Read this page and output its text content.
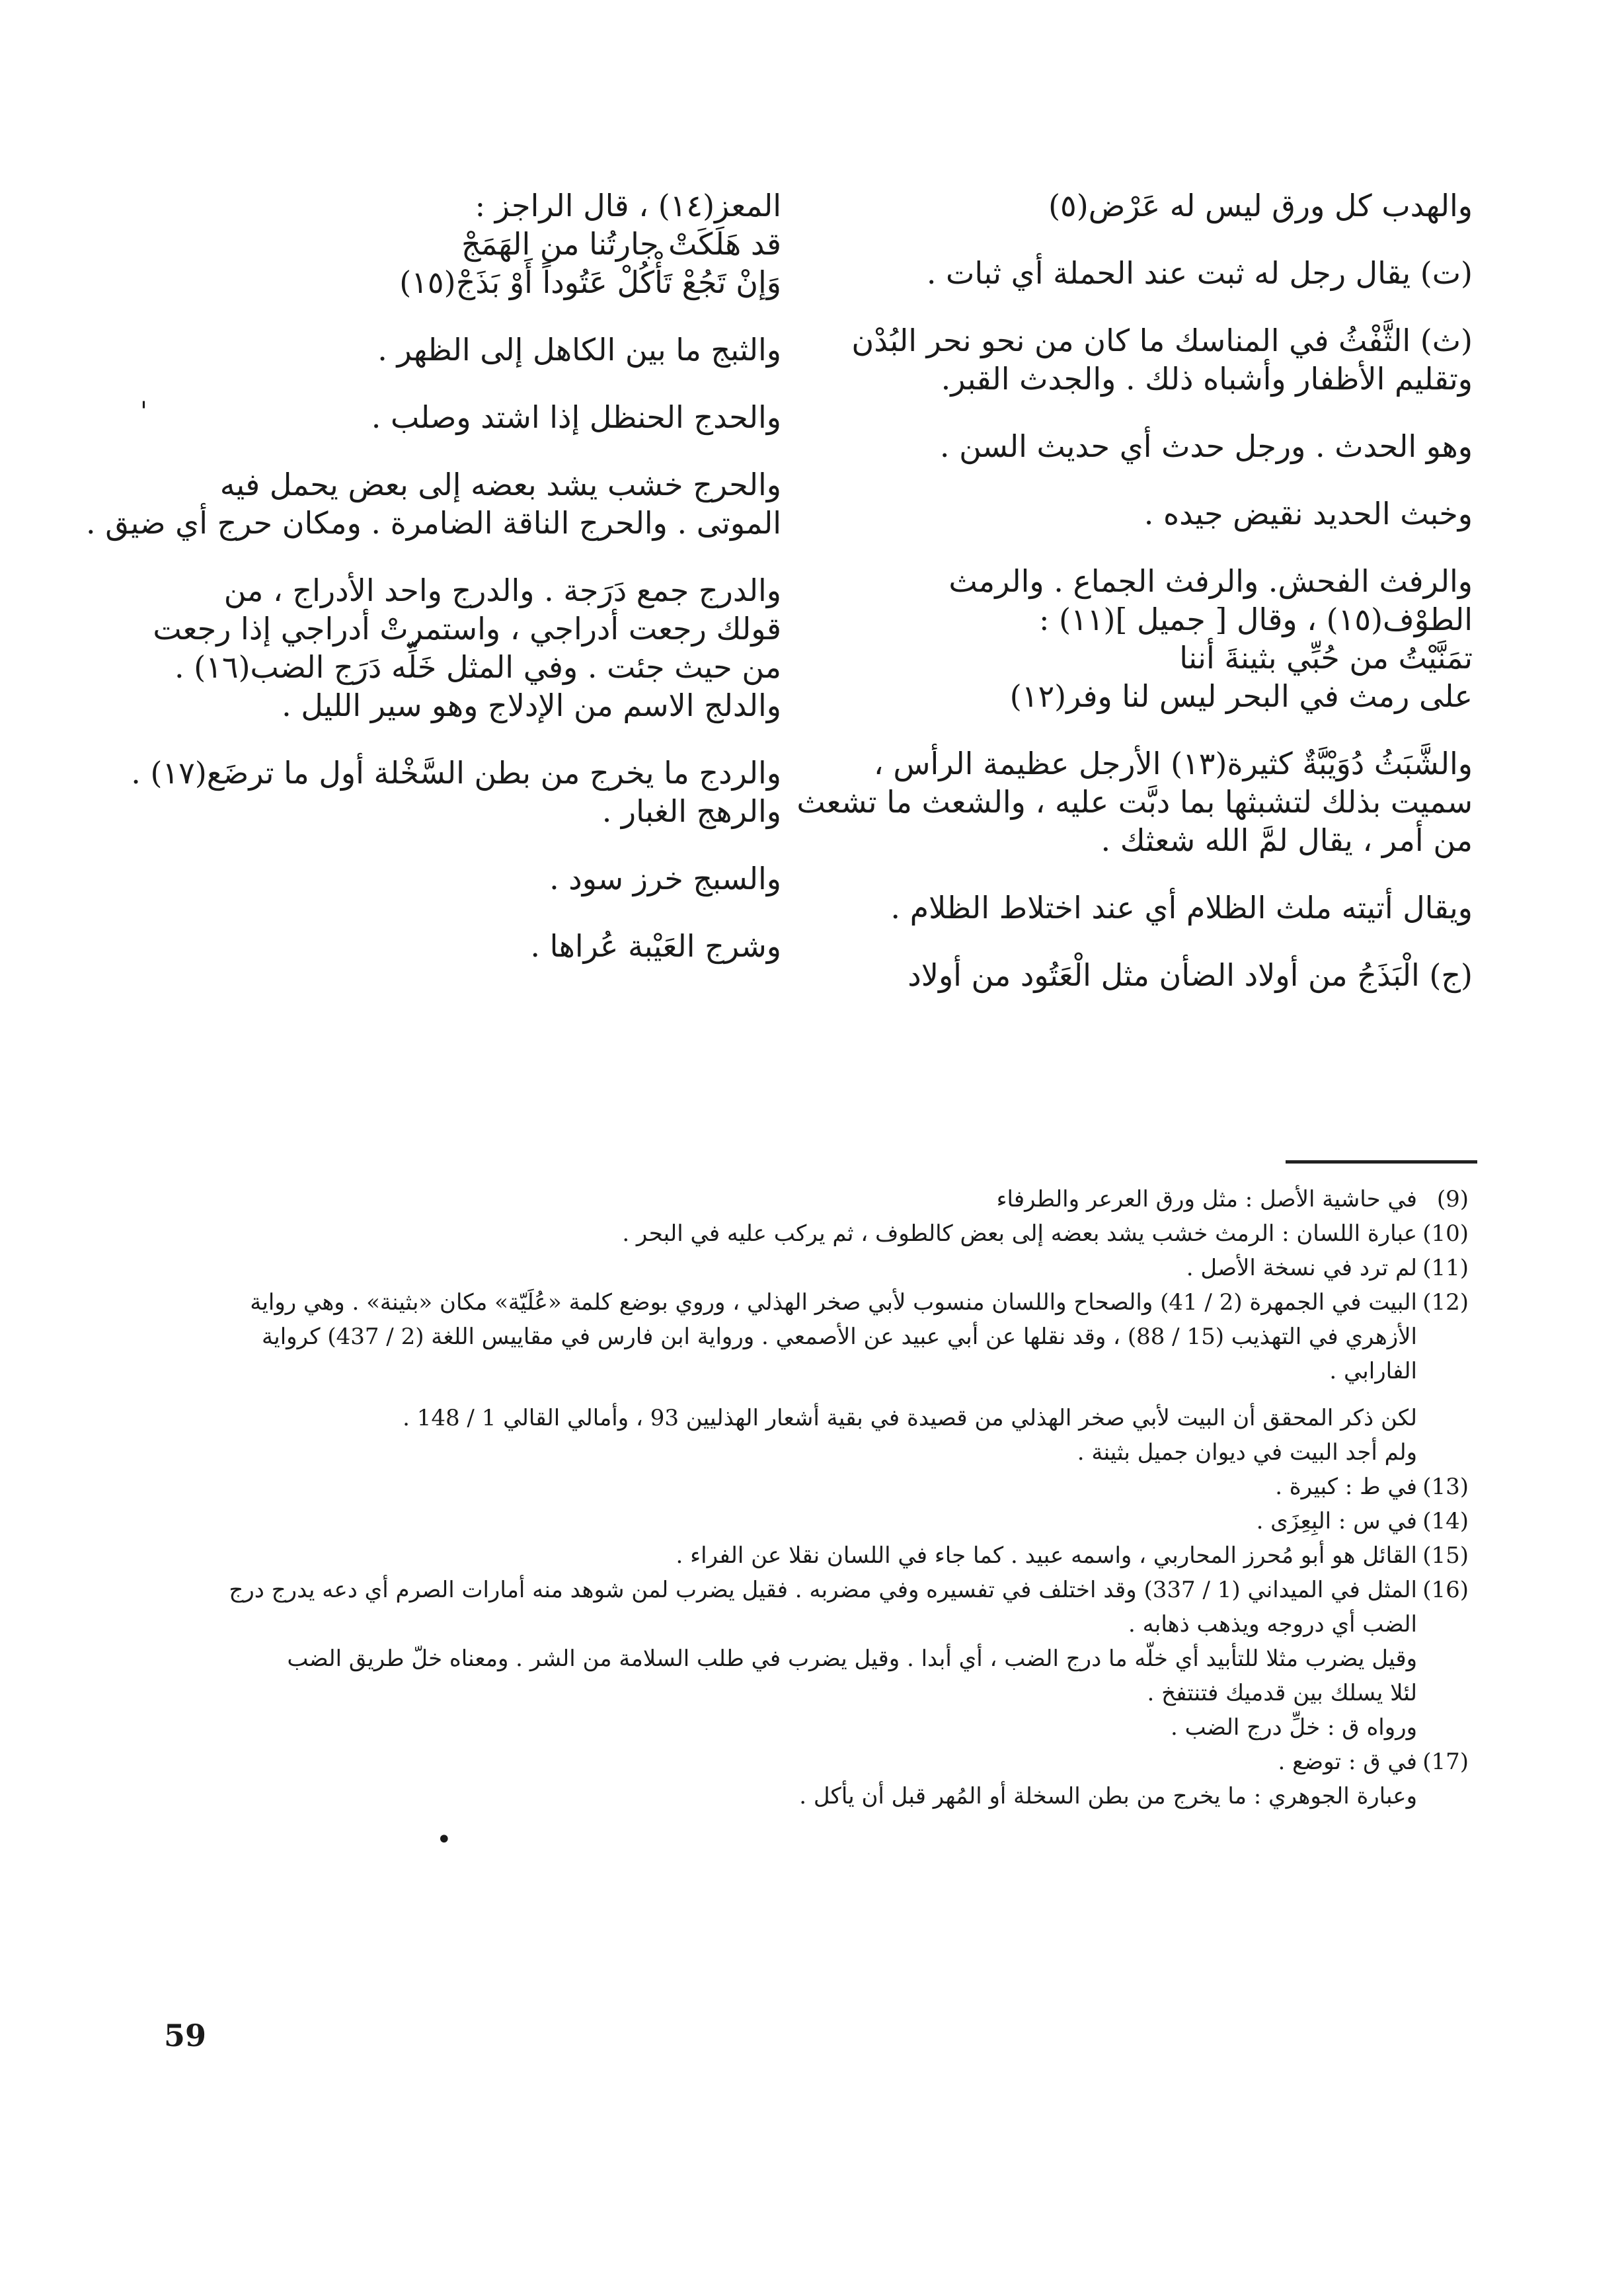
والهدب كل ورق ليس له عَرْض(٥)

(ت) يقال رجل له ثبت عند الحملة أي ثبات .

(ث) الثَّفْثُ في المناسك ما كان من نحو نحر البُدْن

وتقليم الأظفار وأشباه ذلك . والجدث القبر.

وهو الحدث . ورجل حدث أي حديث السن .

وخبث الحديد نقيض جيده .

والرفث الفحش. والرفث الجماع . والرمث

الطوْف(١٥) ، وقال [ جميل ](١١) :

تمَنَّيْتُ من حُبِّي بثينةَ أننا

على رمث في البحر ليس لنا وفر(١٢)

والشَّبَثُ دُوَيْبَّةٌ كثيرة(١٣) الأرجل عظيمة الرأس ،

سميت بذلك لتشبثها بما دبَّت عليه ، والشعث ما تشعث

من أمر ، يقال لمَّ الله شعثك .

ويقال أتيته ملث الظلام أي عند اختلاط الظلام .

(ج) الْبَذَجُ من أولاد الضأن مثل الْعَتُود من أولاد

المعز(١٤) ، قال الراجز :

قد هَلَكَتْ جارتُنا من الهَمَجْ

وَإنْ تَجُعْ تَأْكُلْ عَتُوداً أَوْ بَذَجْ(١٥)

والثبج ما بين الكاهل إلى الظهر .

والحدج الحنظل إذا اشتد وصلب .

والحرج خشب يشد بعضه إلى بعض يحمل فيه

الموتى . والحرج الناقة الضامرة . ومكان حرج أي ضيق .

والدرج جمع دَرَجة . والدرج واحد الأدراج ، من

قولك رجعت أدراجي ، واستمرتْ أدراجي إذا رجعت

من حيث جئت . وفي المثل خَلِّه دَرَج الضب(١٦) .

والدلج الاسم من الإدلاج وهو سير الليل .

والردج ما يخرج من بطن السَّخْلة أول ما ترضَع(١٧) .

والرهج الغبار .

والسبج خرز سود .

وشرج العَيْبة عُراها .

(9)في حاشية الأصل : مثل ورق العرعر والطرفاء

(10)عبارة اللسان : الرمث خشب يشد بعضه إلى بعض كالطوف ، ثم يركب عليه في البحر .

(11)لم ترد في نسخة الأصل .

(12)البيت في الجمهرة (2 / 41) والصحاح واللسان منسوب لأبي صخر الهذلي ، وروي بوضع كلمة «عُلَيّة» مكان «بثينة» . وهي رواية

الأزهري في التهذيب (15 / 88) ، وقد نقلها عن أبي عبيد عن الأصمعي . ورواية ابن فارس في مقاييس اللغة (2 / 437) كرواية

الفارابي .

لكن ذكر المحقق أن البيت لأبي صخر الهذلي من قصيدة في بقية أشعار الهذليين 93 ، وأمالي القالي 1 / 148 .

ولم أجد البيت في ديوان جميل بثينة .

(13)في ط : كبيرة .

(14)في س : البِعِزَى .

(15)القائل هو أبو مُحرز المحاربي ، واسمه عبيد . كما جاء في اللسان نقلا عن الفراء .

(16)المثل في الميداني (1 / 337) وقد اختلف في تفسيره وفي مضربه . فقيل يضرب لمن شوهد منه أمارات الصرم أي دعه يدرج درج

الضب أي دروجه ويذهب ذهابه .

وقيل يضرب مثلا للتأبيد أي خلّه ما درج الضب ، أي أبدا . وقيل يضرب في طلب السلامة من الشر . ومعناه خلّ طريق الضب

لئلا يسلك بين قدميك فتنتفخ .

ورواه ق : خلِّ درج الضب .

(17)في ق : توضع .

وعبارة الجوهري : ما يخرج من بطن السخلة أو المُهر قبل أن يأكل .

'
•
59
